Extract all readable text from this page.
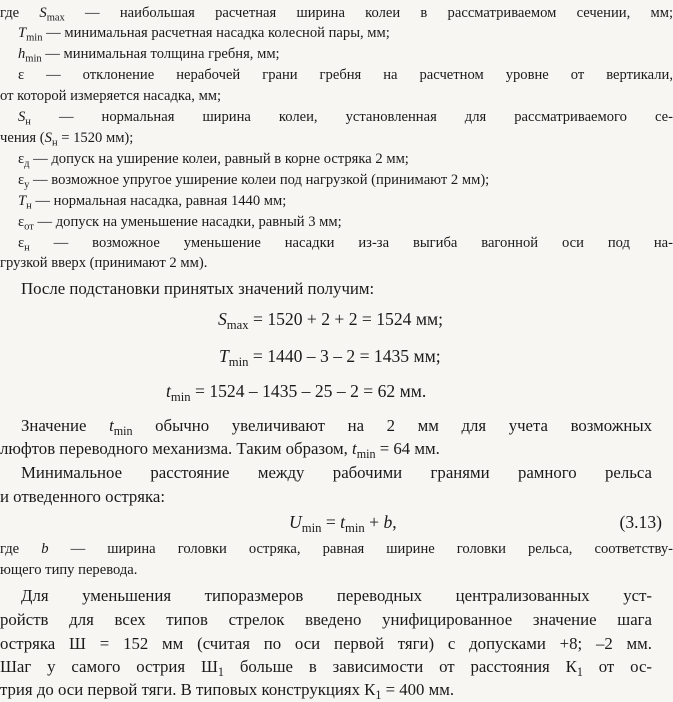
где $S_{max}$ — наибольшая расчетная ширина колеи в рассматриваемом сечении, мм;
$T_{min}$ — минимальная расчетная насадка колесной пары, мм;
$h_{min}$ — минимальная толщина гребня, мм;
ε — отклонение нерабочей грани гребня на расчетном уровне от вертикали,
от которой измеряется насадка, мм;
$S_н$ — нормальная ширина колеи, установленная для рассматриваемого се-
чения ($S_н = 1520$ мм);
$\varepsilon_д$ — допуск на уширение колеи, равный в корне остряка 2 мм;
$\varepsilon_у$ — возможное упругое уширение колеи под нагрузкой (принимают 2 мм);
$T_н$ — нормальная насадка, равная 1440 мм;
$\varepsilon_{от}$ — допуск на уменьшение насадки, равный 3 мм;
$\varepsilon_н$ — возможное уменьшение насадки из-за выгиба вагонной оси под на-
грузкой вверх (принимают 2 мм).
После подстановки принятых значений получим:
$S_{max} = 1520 + 2 + 2 = 1524$ мм;
$T_{min} = 1440 - 3 - 2 = 1435$ мм;
$t_{min} = 1524 - 1435 - 25 - 2 = 62$ мм.
Значение $t_{min}$ обычно увеличивают на 2 мм для учета возможных
люфтов переводного механизма. Таким образом, $t_{min} = 64$ мм.
Минимальное расстояние между рабочими гранями рамного рельса
и отведенного остряка:
$U_{min} = t_{min} + b$,	(3.13)
где b — ширина головки остряка, равная ширине головки рельса, соответству-
ющего типу перевода.
Для уменьшения типоразмеров переводных централизованных уст-
ройств для всех типов стрелок введено унифицированное значение шага
остряка Ш = 152 мм (считая по оси первой тяги) с допусками +8; –2 мм.
Шаг у самого острия $Ш_1$ больше в зависимости от расстояния $К_1$ от ос-
трия до оси первой тяги. В типовых конструкциях $К_1 = 400$ мм.
